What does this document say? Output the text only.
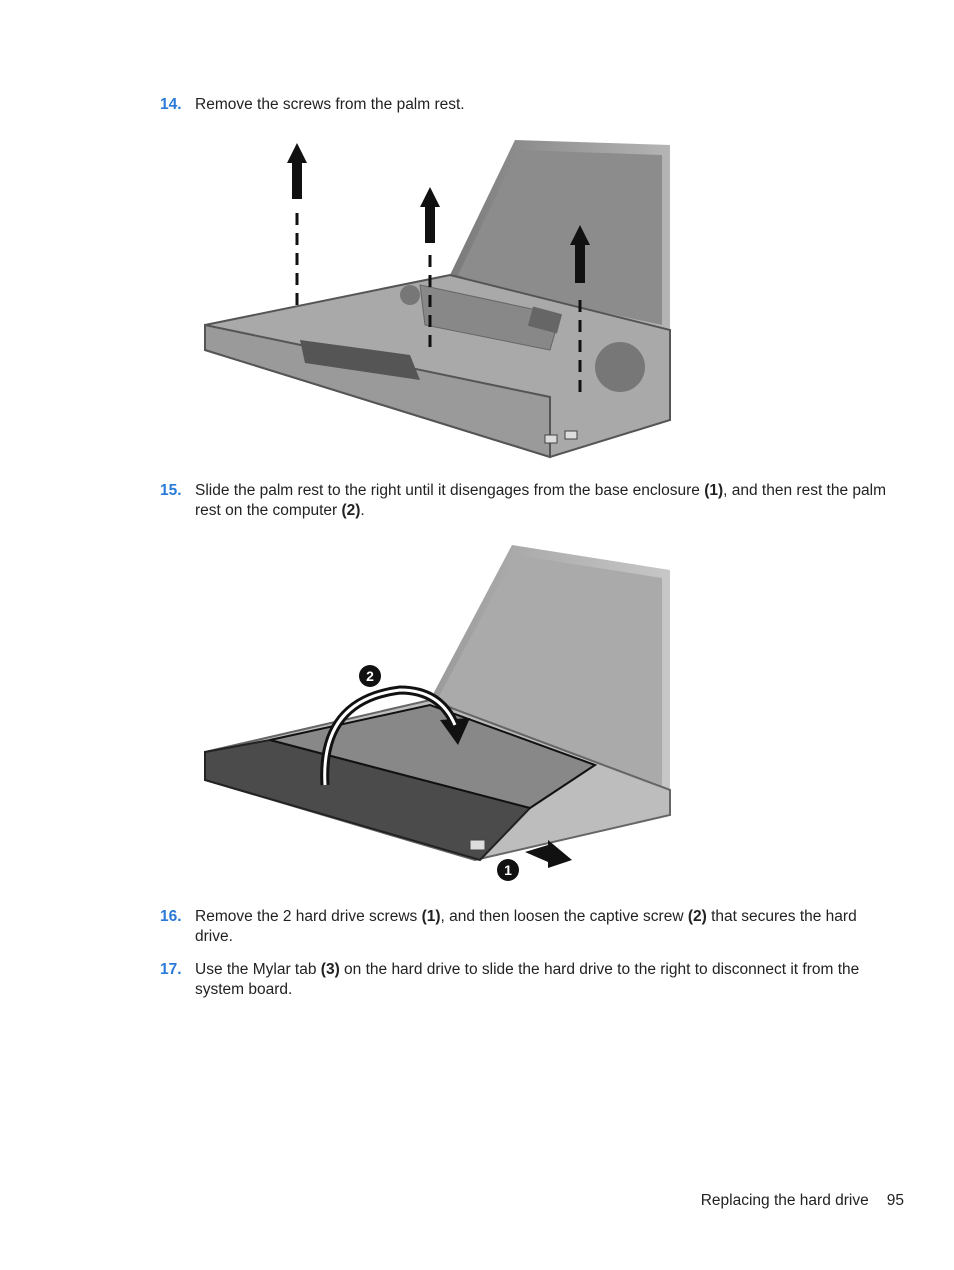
14. Remove the screws from the palm rest.
15. Slide the palm rest to the right until it disengages from the base enclosure (1), and then rest the palm rest on the computer (2).
2
1
16. Remove the 2 hard drive screws (1), and then loosen the captive screw (2) that secures the hard drive.
17. Use the Mylar tab (3) on the hard drive to slide the hard drive to the right to disconnect it from the system board.
Replacing the hard drive 95
